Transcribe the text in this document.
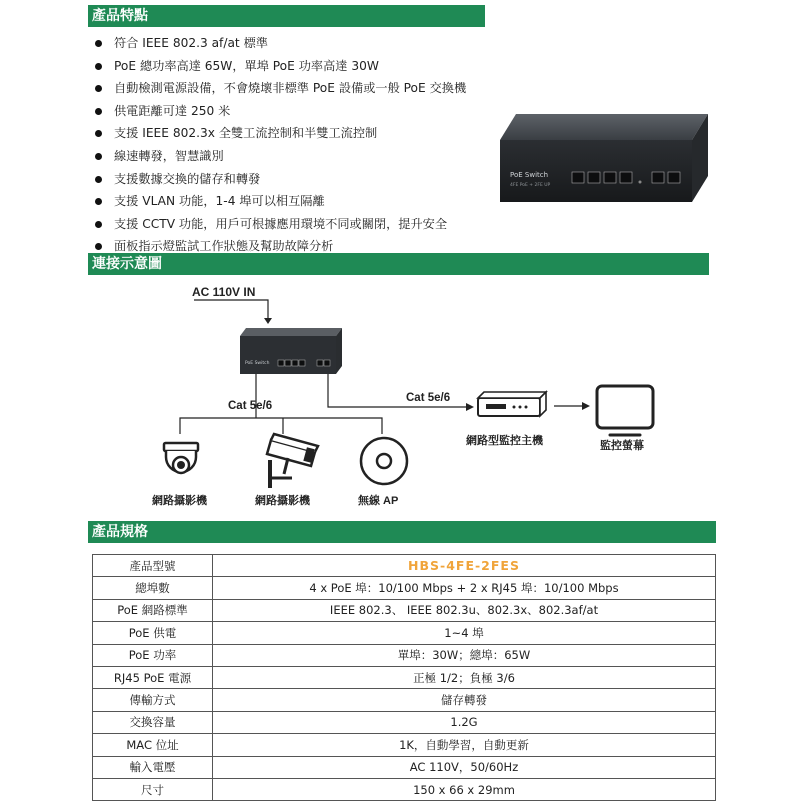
產品特點
符合 IEEE 802.3 af/at 標準
PoE 總功率高達 65W，單埠 PoE 功率高達 30W
自動檢測電源設備，不會燒壞非標準 PoE 設備或一般 PoE 交換機
供電距離可達 250 米
支援 IEEE 802.3x 全雙工流控制和半雙工流控制
線速轉發，智慧識別
支援數據交換的儲存和轉發
支援 VLAN 功能，1-4 埠可以相互隔離
支援 CCTV 功能，用戶可根據應用環境不同或關閉，提升安全
面板指示燈監試工作狀態及幫助故障分析
PoE Switch
4FE PoE + 2FE UP
連接示意圖
PoE Switch
AC 110V IN
Cat 5e/6
Cat 5e/6
網路型監控主機	監控螢幕
網路攝影機	網路攝影機	無線 AP
產品規格
產品型號	HBS-4FE-2FES
總埠數	4 x PoE 埠：10/100 Mbps + 2 x RJ45 埠：10/100 Mbps
PoE 網路標準	IEEE 802.3、 IEEE 802.3u、802.3x、802.3af/at
PoE 供電	1~4 埠
PoE 功率	單埠：30W；總埠：65W
RJ45 PoE 電源	正極 1/2；負極 3/6
傳輸方式	儲存轉發
交換容量	1.2G
MAC 位址	1K，自動學習，自動更新
輸入電壓	AC 110V，50/60Hz
尺寸	150 x 66 x 29mm
